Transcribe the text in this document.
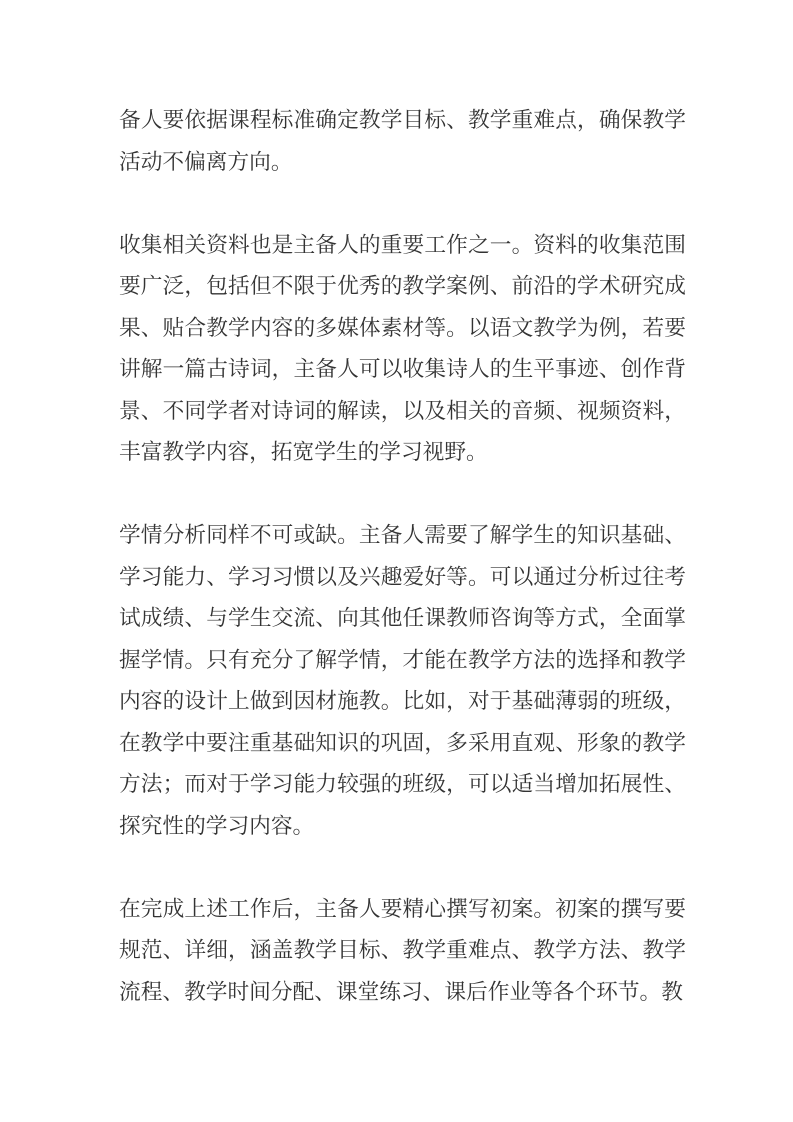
备人要依据课程标准确定教学目标、教学重难点，确保教学活动不偏离方向。

收集相关资料也是主备人的重要工作之一。资料的收集范围要广泛，包括但不限于优秀的教学案例、前沿的学术研究成果、贴合教学内容的多媒体素材等。以语文教学为例，若要讲解一篇古诗词，主备人可以收集诗人的生平事迹、创作背景、不同学者对诗词的解读，以及相关的音频、视频资料，丰富教学内容，拓宽学生的学习视野。

学情分析同样不可或缺。主备人需要了解学生的知识基础、学习能力、学习习惯以及兴趣爱好等。可以通过分析过往考试成绩、与学生交流、向其他任课教师咨询等方式，全面掌握学情。只有充分了解学情，才能在教学方法的选择和教学内容的设计上做到因材施教。比如，对于基础薄弱的班级，在教学中要注重基础知识的巩固，多采用直观、形象的教学方法；而对于学习能力较强的班级，可以适当增加拓展性、探究性的学习内容。

在完成上述工作后，主备人要精心撰写初案。初案的撰写要规范、详细，涵盖教学目标、教学重难点、教学方法、教学流程、教学时间分配、课堂练习、课后作业等各个环节。教
